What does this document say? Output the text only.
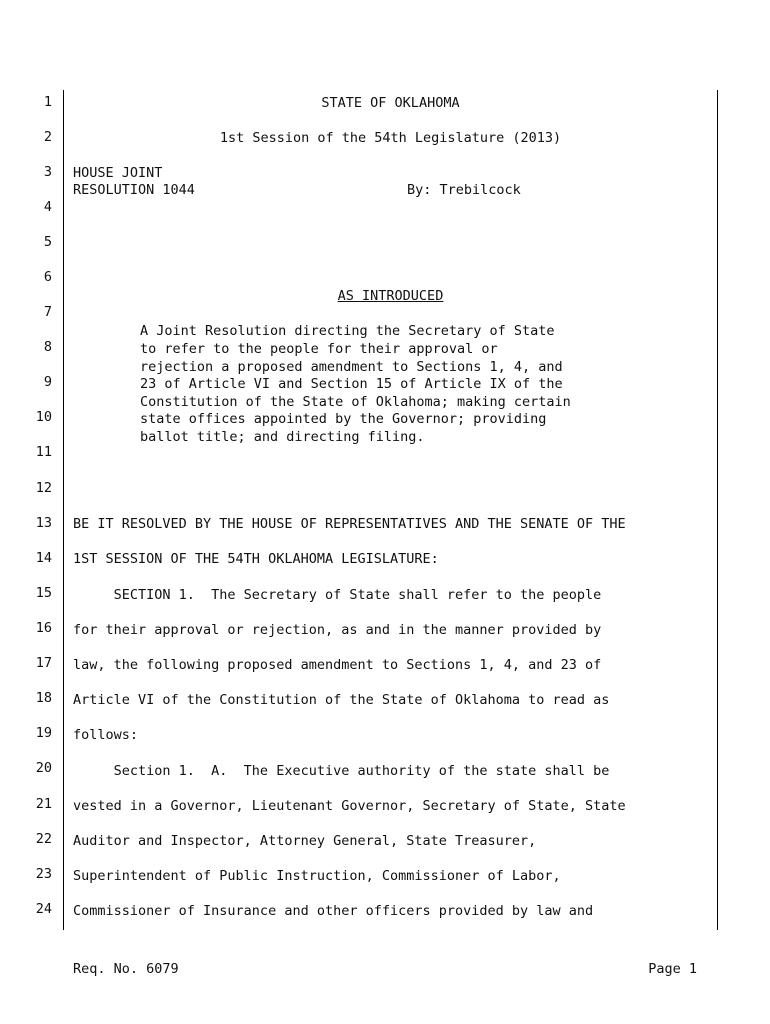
1
2
3
4
5
6
7
8
9
10
11
12
13
14
15
16
17
18
19
20
21
22
23
24
STATE OF OKLAHOMA
1st Session of the 54th Legislature (2013)
HOUSE JOINT
RESOLUTION 1044	By: Trebilcock
AS INTRODUCED
A Joint Resolution directing the Secretary of State
to refer to the people for their approval or
rejection a proposed amendment to Sections 1, 4, and
23 of Article VI and Section 15 of Article IX of the
Constitution of the State of Oklahoma; making certain
state offices appointed by the Governor; providing
ballot title; and directing filing.
BE IT RESOLVED BY THE HOUSE OF REPRESENTATIVES AND THE SENATE OF THE
1ST SESSION OF THE 54TH OKLAHOMA LEGISLATURE:
SECTION 1.  The Secretary of State shall refer to the people
for their approval or rejection, as and in the manner provided by
law, the following proposed amendment to Sections 1, 4, and 23 of
Article VI of the Constitution of the State of Oklahoma to read as
follows:
Section 1.  A.  The Executive authority of the state shall be
vested in a Governor, Lieutenant Governor, Secretary of State, State
Auditor and Inspector, Attorney General, State Treasurer,
Superintendent of Public Instruction, Commissioner of Labor,
Commissioner of Insurance and other officers provided by law and
Req. No. 6079	Page 1
